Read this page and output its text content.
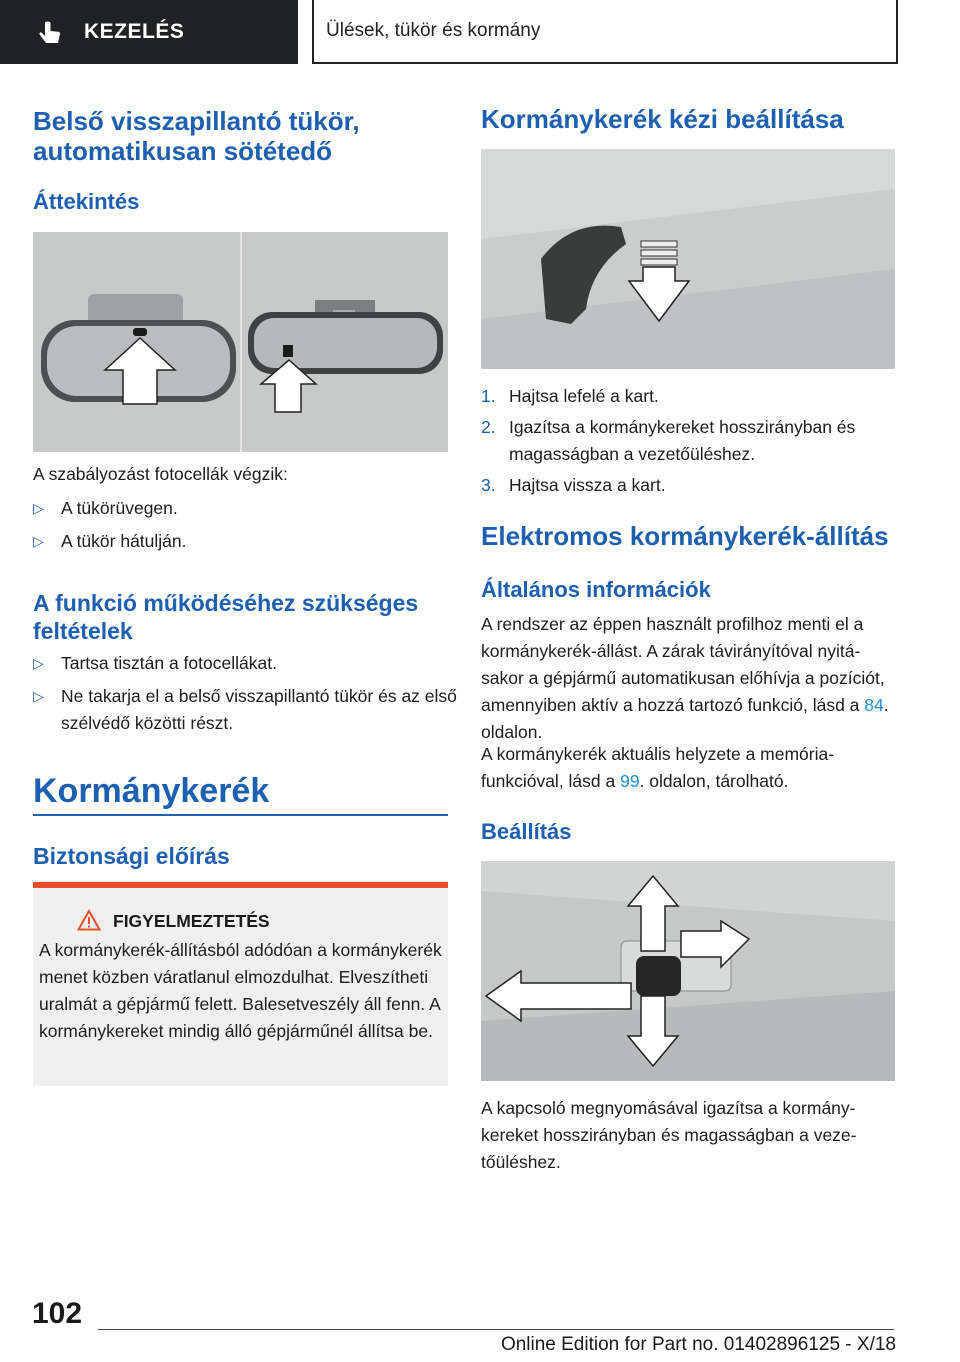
KEZELÉS	Ülések, tükör és kormány
Belső visszapillantó tükör, automatikusan sötétedő
Áttekintés
A szabályozást fotocellák végzik:
▷ A tükörüvegen.
▷ A tükör hátulján.
A funkció működéséhez szükséges feltételek
▷ Tartsa tisztán a fotocellákat.
▷ Ne takarja el a belső visszapillantó tükör és az első szélvédő közötti részt.
Kormánykerék
Biztonsági előírás
FIGYELMEZTETÉS
A kormánykerék-állításból adódóan a kormánykerék menet közben váratlanul elmozdulhat. Elveszítheti uralmát a gépjármű felett. Balesetveszély áll fenn. A kormánykereket mindig álló gépjárműnél állítsa be.
Kormánykerék kézi beállítása
1. Hajtsa lefelé a kart.
2. Igazítsa a kormánykereket hosszirányban és magasságban a vezetőüléshez.
3. Hajtsa vissza a kart.
Elektromos kormánykerék-állítás
Általános információk
A rendszer az éppen használt profilhoz menti el a kormánykerék-állást. A zárak távirányítóval nyitásakor a gépjármű automatikusan előhívja a pozíciót, amennyiben aktív a hozzá tartozó funkció, lásd a 84. oldalon.
A kormánykerék aktuális helyzete a memóriafunkcióval, lásd a 99. oldalon, tárolható.
Beállítás
A kapcsoló megnyomásával igazítsa a kormánykereket hosszirányban és magasságban a vezetőüléshez.
102
Online Edition for Part no. 01402896125 - X/18
